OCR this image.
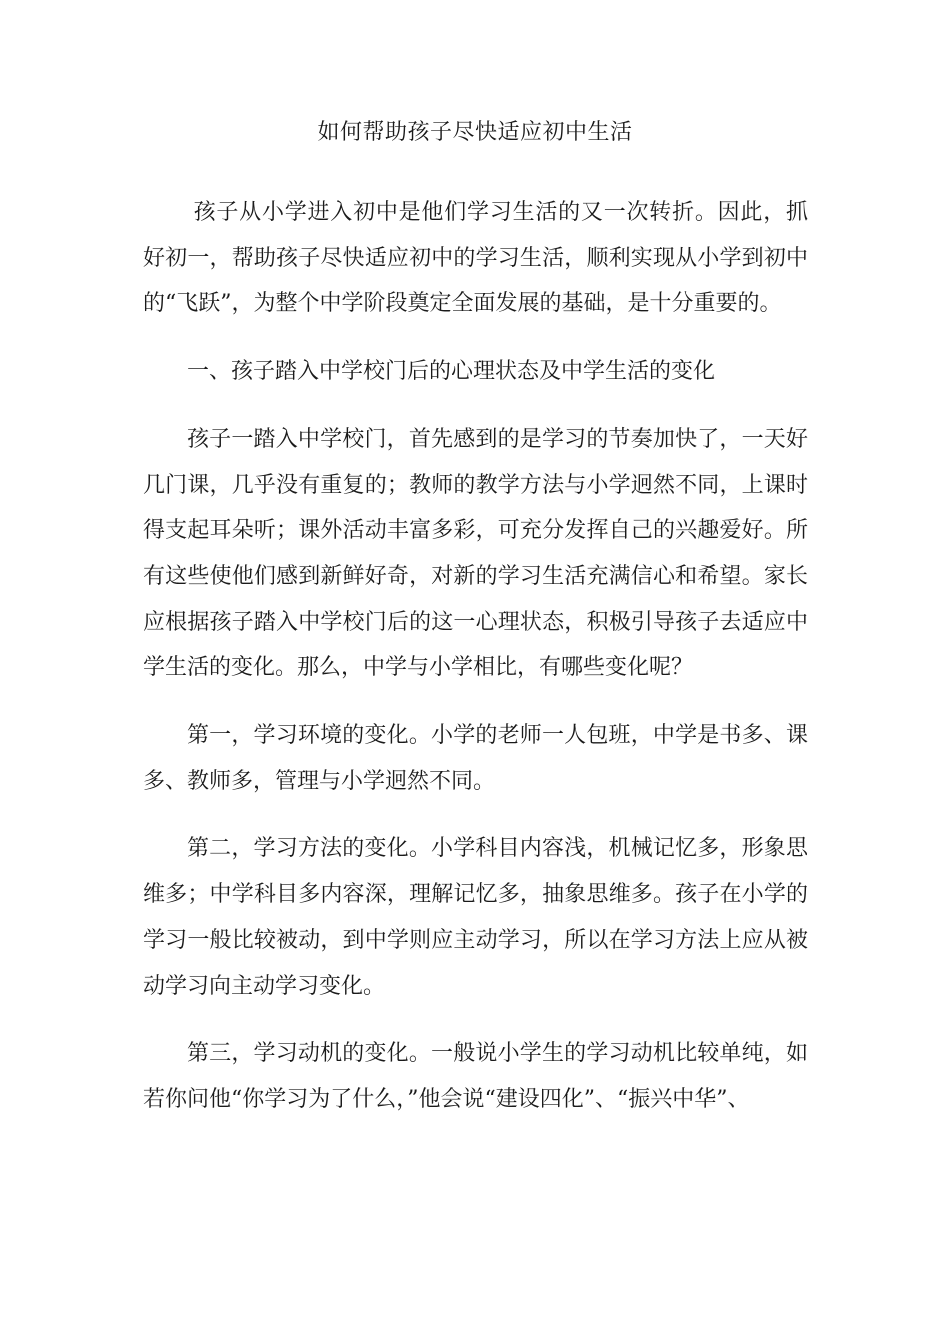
如何帮助孩子尽快适应初中生活

孩子从小学进入初中是他们学习生活的又一次转折。因此，抓好初一，帮助孩子尽快适应初中的学习生活，顺利实现从小学到初中的“飞跃”，为整个中学阶段奠定全面发展的基础，是十分重要的。

一、孩子踏入中学校门后的心理状态及中学生活的变化

孩子一踏入中学校门，首先感到的是学习的节奏加快了，一天好几门课，几乎没有重复的；教师的教学方法与小学迥然不同，上课时得支起耳朵听；课外活动丰富多彩，可充分发挥自己的兴趣爱好。所有这些使他们感到新鲜好奇，对新的学习生活充满信心和希望。家长应根据孩子踏入中学校门后的这一心理状态，积极引导孩子去适应中学生活的变化。那么，中学与小学相比，有哪些变化呢？

第一，学习环境的变化。小学的老师一人包班，中学是书多、课多、教师多，管理与小学迥然不同。

第二，学习方法的变化。小学科目内容浅，机械记忆多，形象思维多；中学科目多内容深，理解记忆多，抽象思维多。孩子在小学的学习一般比较被动，到中学则应主动学习，所以在学习方法上应从被动学习向主动学习变化。

第三，学习动机的变化。一般说小学生的学习动机比较单纯，如若你问他“你学习为了什么，”他会说“建设四化”、“振兴中华”、
